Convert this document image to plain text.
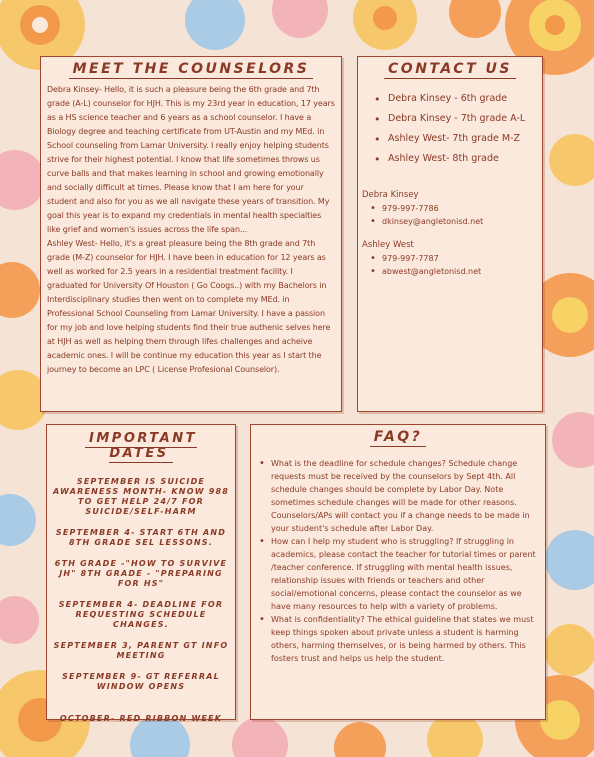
MEET THE COUNSELORS

Debra Kinsey- Hello, it is such a pleasure being the 6th grade and 7th grade (A-L) counselor for HJH. This is my 23rd year in education, 17 years as a HS science teacher and 6 years as a school counselor. I have a Biology degree and teaching certificate from UT-Austin and my MEd. in School counseling from Lamar University. I really enjoy helping students strive for their highest potential. I know that life sometimes throws us curve balls and that makes learning in school and growing emotionally and socially difficult at times. Please know that I am here for your student and also for you as we all navigate these years of transition. My goal this year is to expand my credentials in mental health specialties like grief and women's issues across the life span...

Ashley West- Hello, it's a great pleasure being the 8th grade and 7th grade (M-Z) counselor for HJH. I have been in education for 12 years as well as worked for 2.5 years in a residential treatment facility. I graduated for University Of Houston ( Go Coogs..) with my Bachelors in Interdisciplinary studies then went on to complete my MEd. in Professional School Counseling from Lamar University. I have a passion for my job and love helping students find their true authenic selves here at HJH as well as helping them through lifes challenges and acheive academic ones. I will be continue my education this year as I start the journey to become an LPC ( License Profesional Counselor).

CONTACT US
• Debra Kinsey - 6th grade
• Debra Kinsey - 7th grade A-L
• Ashley West- 7th grade M-Z
• Ashley West- 8th grade
Debra Kinsey
• 979-997-7786
• dkinsey@angletonisd.net
Ashley West
• 979-997-7787
• abwest@angletonisd.net
IMPORTANT DATES
SEPTEMBER IS SUICIDE AWARENESS MONTH- KNOW 988 TO GET HELP 24/7 FOR SUICIDE/SELF-HARM
SEPTEMBER 4- START 6TH AND 8TH GRADE SEL LESSONS.
6TH GRADE -"HOW TO SURVIVE JH" 8TH GRADE - "PREPARING FOR HS"
SEPTEMBER 4- DEADLINE FOR REQUESTING SCHEDULE CHANGES.
SEPTEMBER 3, PARENT GT INFO MEETING
SEPTEMBER 9- GT REFERRAL WINDOW OPENS
OCTOBER- RED RIBBON WEEK
FAQ?
• What is the deadline for schedule changes? Schedule change requests must be received by the counselors by Sept 4th. All schedule changes should be complete by Labor Day. Note sometimes schedule changes will be made for other reasons. Counselors/APs will contact you if a change needs to be made in your student's schedule after Labor Day.
• How can I help my student who is struggling? If struggling in academics, please contact the teacher for tutorial times or parent /teacher conference. If struggling with mental health issues, relationship issues with friends or teachers and other social/emotional concerns, please contact the counselor as we have many resources to help with a variety of problems.
• What is confidentiality? The ethical guideline that states we must keep things spoken about private unless a student is harming others, harming themselves, or is being harmed by others. This fosters trust and helps us help the student.
